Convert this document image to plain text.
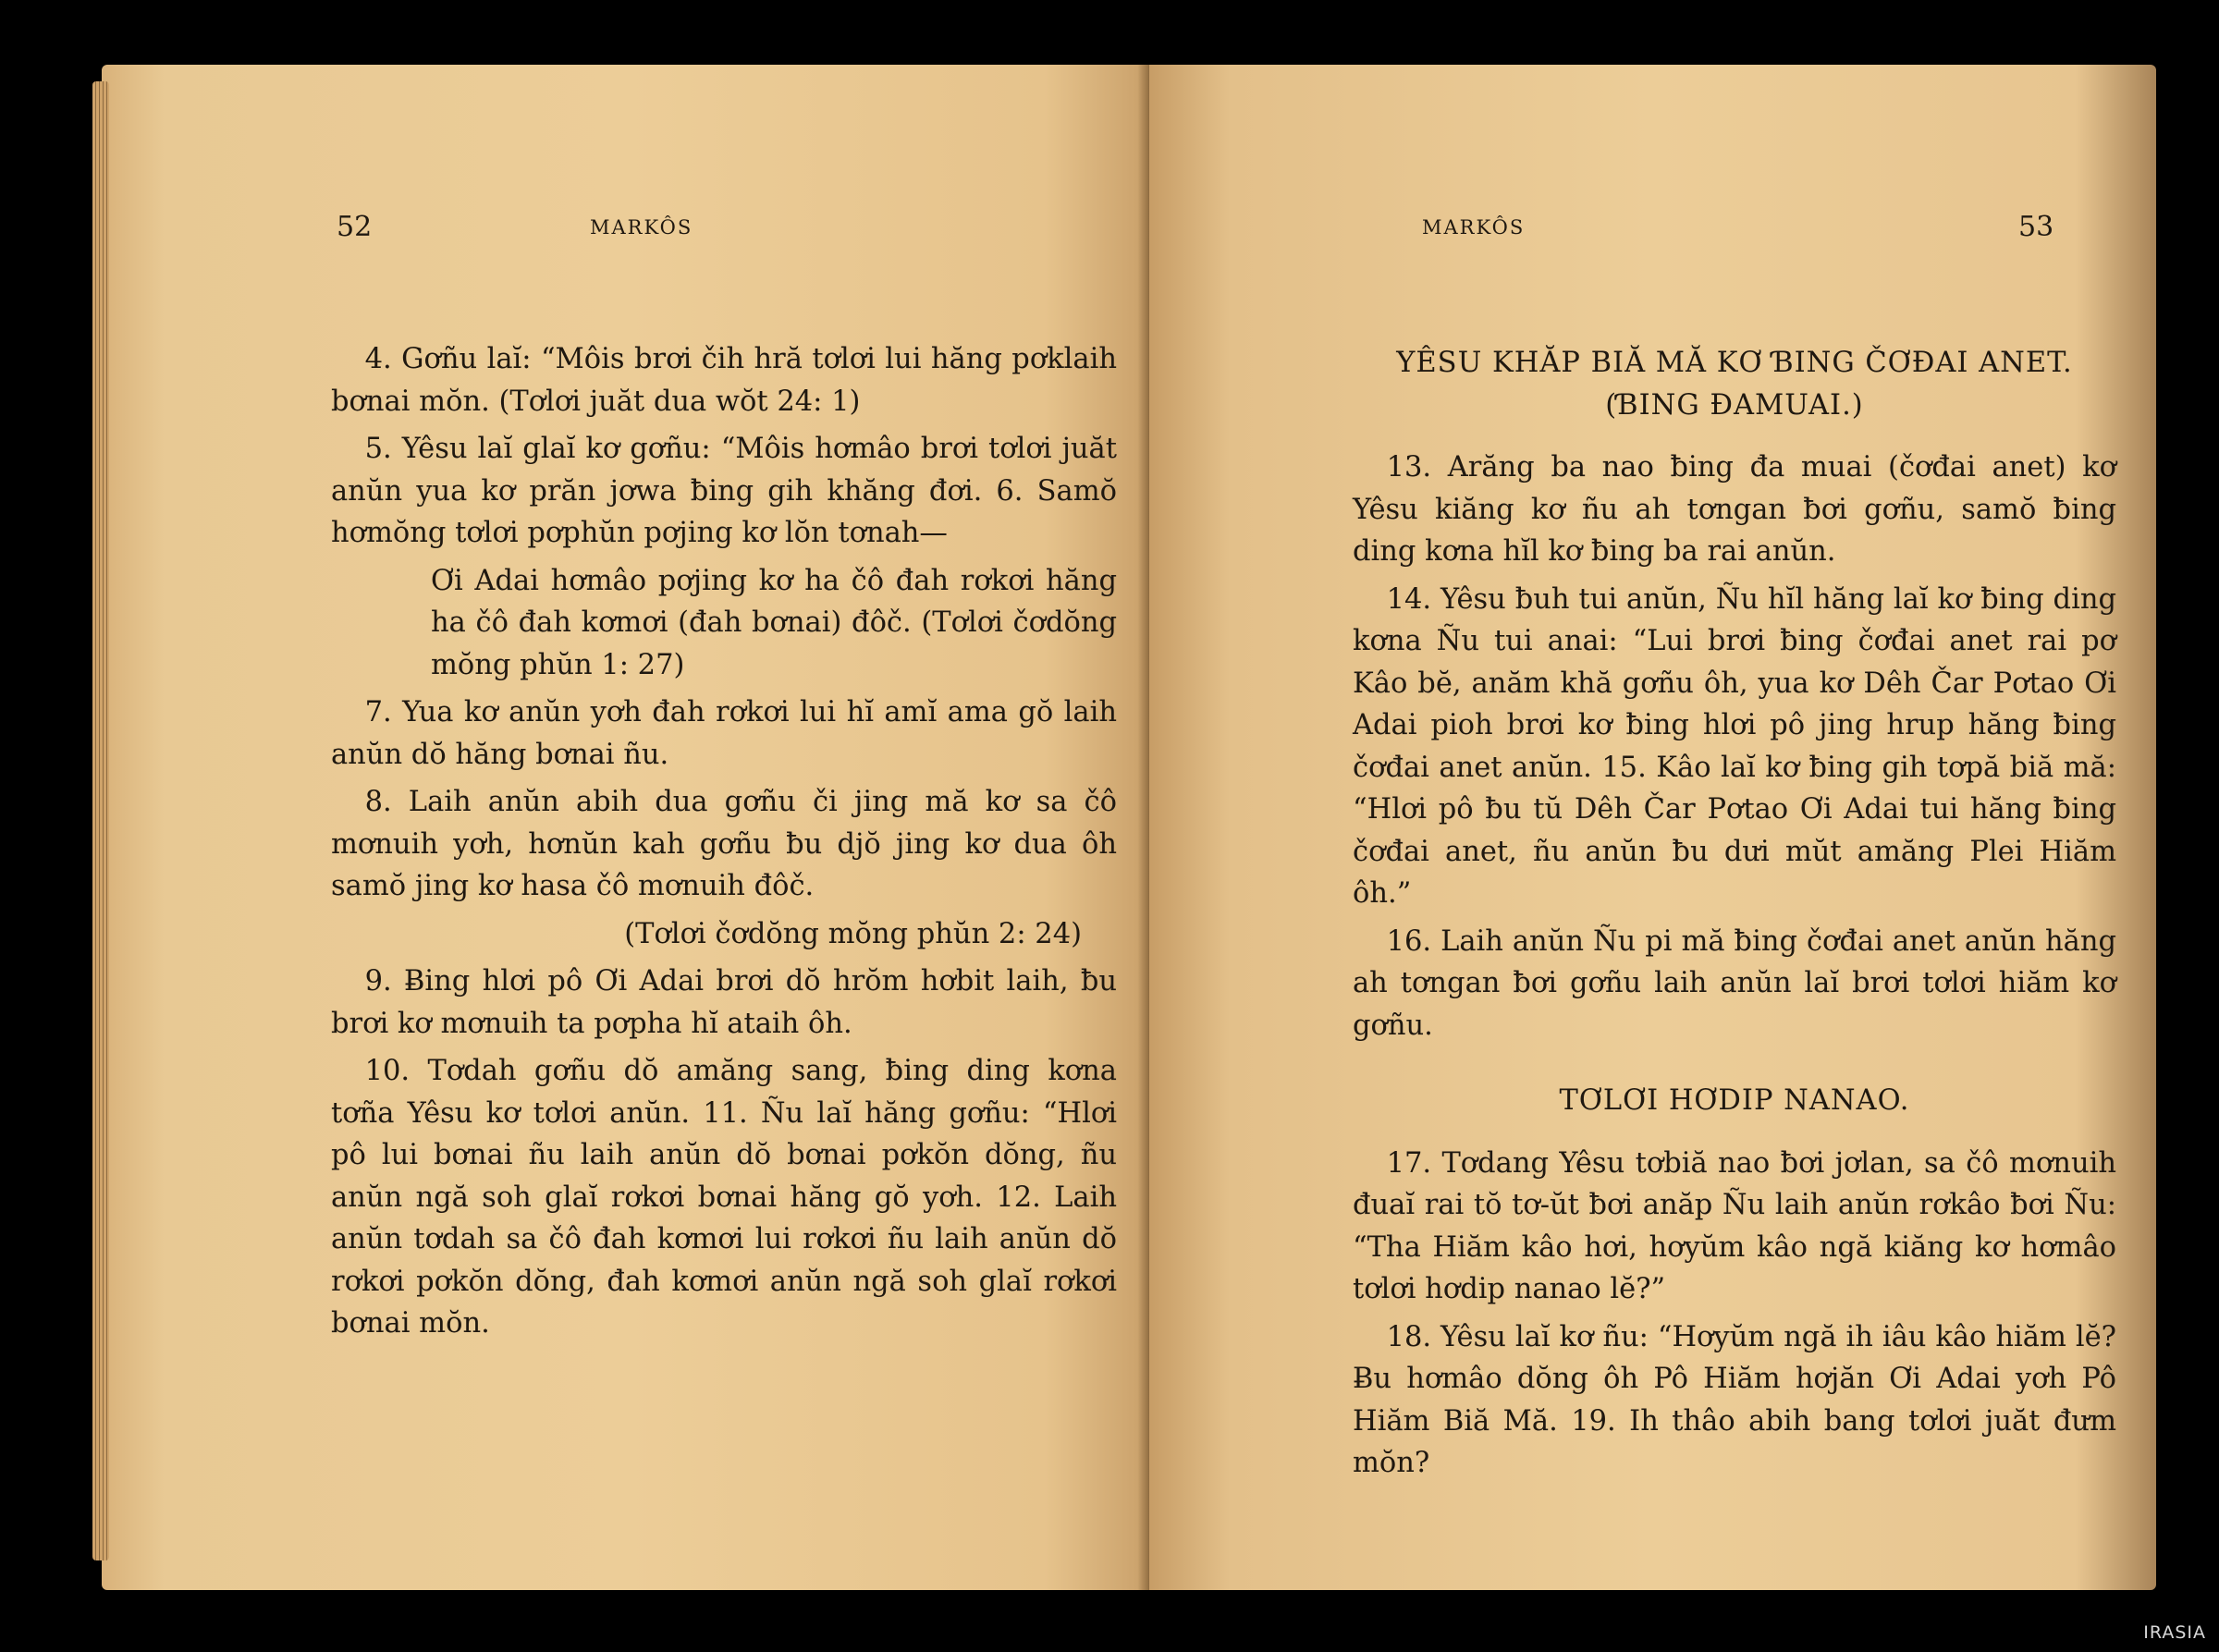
52	MARKÔS

4. Gơñu laĭ: “Môis brơi čih hră tơlơi lui hăng pơklaih bơnai mŏn. (Tơlơi juăt dua wŏt 24: 1)

5. Yêsu laĭ glaĭ kơ gơñu: “Môis hơmâo brơi tơlơi juăt anŭn yua kơ prăn jơwa ƀing gih khăng đơi. 6. Samŏ hơmŏng tơlơi pơphŭn pơjing kơ lŏn tơnah—

Ơi Adai hơmâo pơjing kơ ha čô đah rơkơi hăng ha čô đah kơmơi (đah bơnai) đôč. (Tơlơi čơdŏng mŏng phŭn 1: 27)

7. Yua kơ anŭn yơh đah rơkơi lui hĭ amĭ ama gŏ laih anŭn dŏ hăng bơnai ñu.

8. Laih anŭn abih dua gơñu či jing mă kơ sa čô mơnuih yơh, hơnŭn kah gơñu ƀu djŏ jing kơ dua ôh samŏ jing kơ hasa čô mơnuih đôč.

(Tơlơi čơdŏng mŏng phŭn 2: 24)

9. Ƀing hlơi pô Ơi Adai brơi dŏ hrŏm hơbit laih, ƀu brơi kơ mơnuih ta pơpha hĭ ataih ôh.

10. Tơdah gơñu dŏ amăng sang, ƀing ding kơna tơña Yêsu kơ tơlơi anŭn. 11. Ñu laĭ hăng gơñu: “Hlơi pô lui bơnai ñu laih anŭn dŏ bơnai pơkŏn dŏng, ñu anŭn ngă soh glaĭ rơkơi bơnai hăng gŏ yơh. 12. Laih anŭn tơdah sa čô đah kơmơi lui rơkơi ñu laih anŭn dŏ rơkơi pơkŏn dŏng, đah kơmơi anŭn ngă soh glaĭ rơkơi bơnai mŏn.

MARKÔS	53
YÊSU KHĂP BIĂ MĂ KƠ ƁING ČƠĐAI ANET. (ƁING ĐAMUAI.)

13. Arăng ba nao ƀing đa muai (čơđai anet) kơ Yêsu kiăng kơ ñu ah tơngan ƀơi gơñu, samŏ ƀing ding kơna hĭl kơ ƀing ba rai anŭn.

14. Yêsu ƀuh tui anŭn, Ñu hĭl hăng laĭ kơ ƀing ding kơna Ñu tui anai: “Lui brơi ƀing čơđai anet rai pơ Kâo bĕ, anăm khă gơñu ôh, yua kơ Dêh Čar Pơtao Ơi Adai pioh brơi kơ ƀing hlơi pô jing hrup hăng ƀing čơđai anet anŭn. 15. Kâo laĭ kơ ƀing gih tơpă biă mă: “Hlơi pô ƀu tŭ Dêh Čar Pơtao Ơi Adai tui hăng ƀing čơđai anet, ñu anŭn ƀu dưi mŭt amăng Plei Hiăm ôh.”

16. Laih anŭn Ñu pi mă ƀing čơđai anet anŭn hăng ah tơngan ƀơi gơñu laih anŭn laĭ brơi tơlơi hiăm kơ gơñu.

TƠLƠI HƠDIP NANAO.

17. Tơdang Yêsu tơbiă nao ƀơi jơlan, sa čô mơnuih đuaĭ rai tŏ tơ-ŭt ƀơi anăp Ñu laih anŭn rơkâo ƀơi Ñu: “Tha Hiăm kâo hơi, hơyŭm kâo ngă kiăng kơ hơmâo tơlơi hơdip nanao lĕ?”

18. Yêsu laĭ kơ ñu: “Hơyŭm ngă ih iâu kâo hiăm lĕ? Ƀu hơmâo dŏng ôh Pô Hiăm hơjăn Ơi Adai yơh Pô Hiăm Biă Mă. 19. Ih thâo abih bang tơlơi juăt đưm mŏn?

IRASIA
